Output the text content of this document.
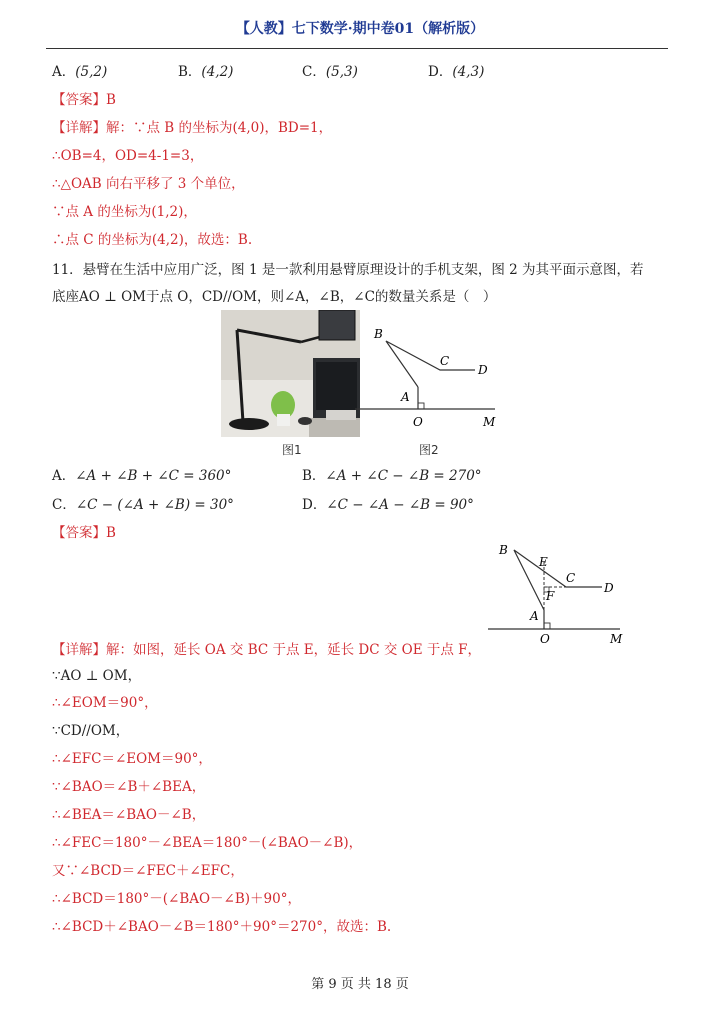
【人教】七下数学·期中卷01（解析版）
A．(5,2)	B．(4,2)	C．(5,3)	D．(4,3)
【答案】B
【详解】解：∵点 B 的坐标为(4,0)，BD=1，
∴OB=4，OD=4-1=3，
∴△OAB 向右平移了 3 个单位，
∵点 A 的坐标为(1,2)，
∴点 C 的坐标为(4,2)，故选：B.
11．悬臂在生活中应用广泛，图 1 是一款利用悬臂原理设计的手机支架，图 2 为其平面示意图，若
底座AO ⊥ OM于点 O，CD//OM，则∠A，∠B，∠C的数量关系是（　）
图1
B
C
D
A
O	M
图2
A．∠A + ∠B + ∠C = 360°	B．∠A + ∠C − ∠B = 270°
C．∠C − (∠A + ∠B) = 30°	D．∠C − ∠A − ∠B = 90°
【答案】B
B
E
C
D
F
A
O	M
【详解】解：如图，延长 OA 交 BC 于点 E，延长 DC 交 OE 于点 F，
∵AO ⊥ OM，
∴∠EOM＝90°，
∵CD//OM，
∴∠EFC＝∠EOM＝90°，
∵∠BAO＝∠B＋∠BEA，
∴∠BEA＝∠BAO－∠B，
∴∠FEC＝180°－∠BEA＝180°－(∠BAO－∠B)，
又∵∠BCD＝∠FEC＋∠EFC，
∴∠BCD＝180°－(∠BAO－∠B)＋90°，
∴∠BCD＋∠BAO－∠B＝180°＋90°＝270°，故选：B.
第 9 页 共 18 页
